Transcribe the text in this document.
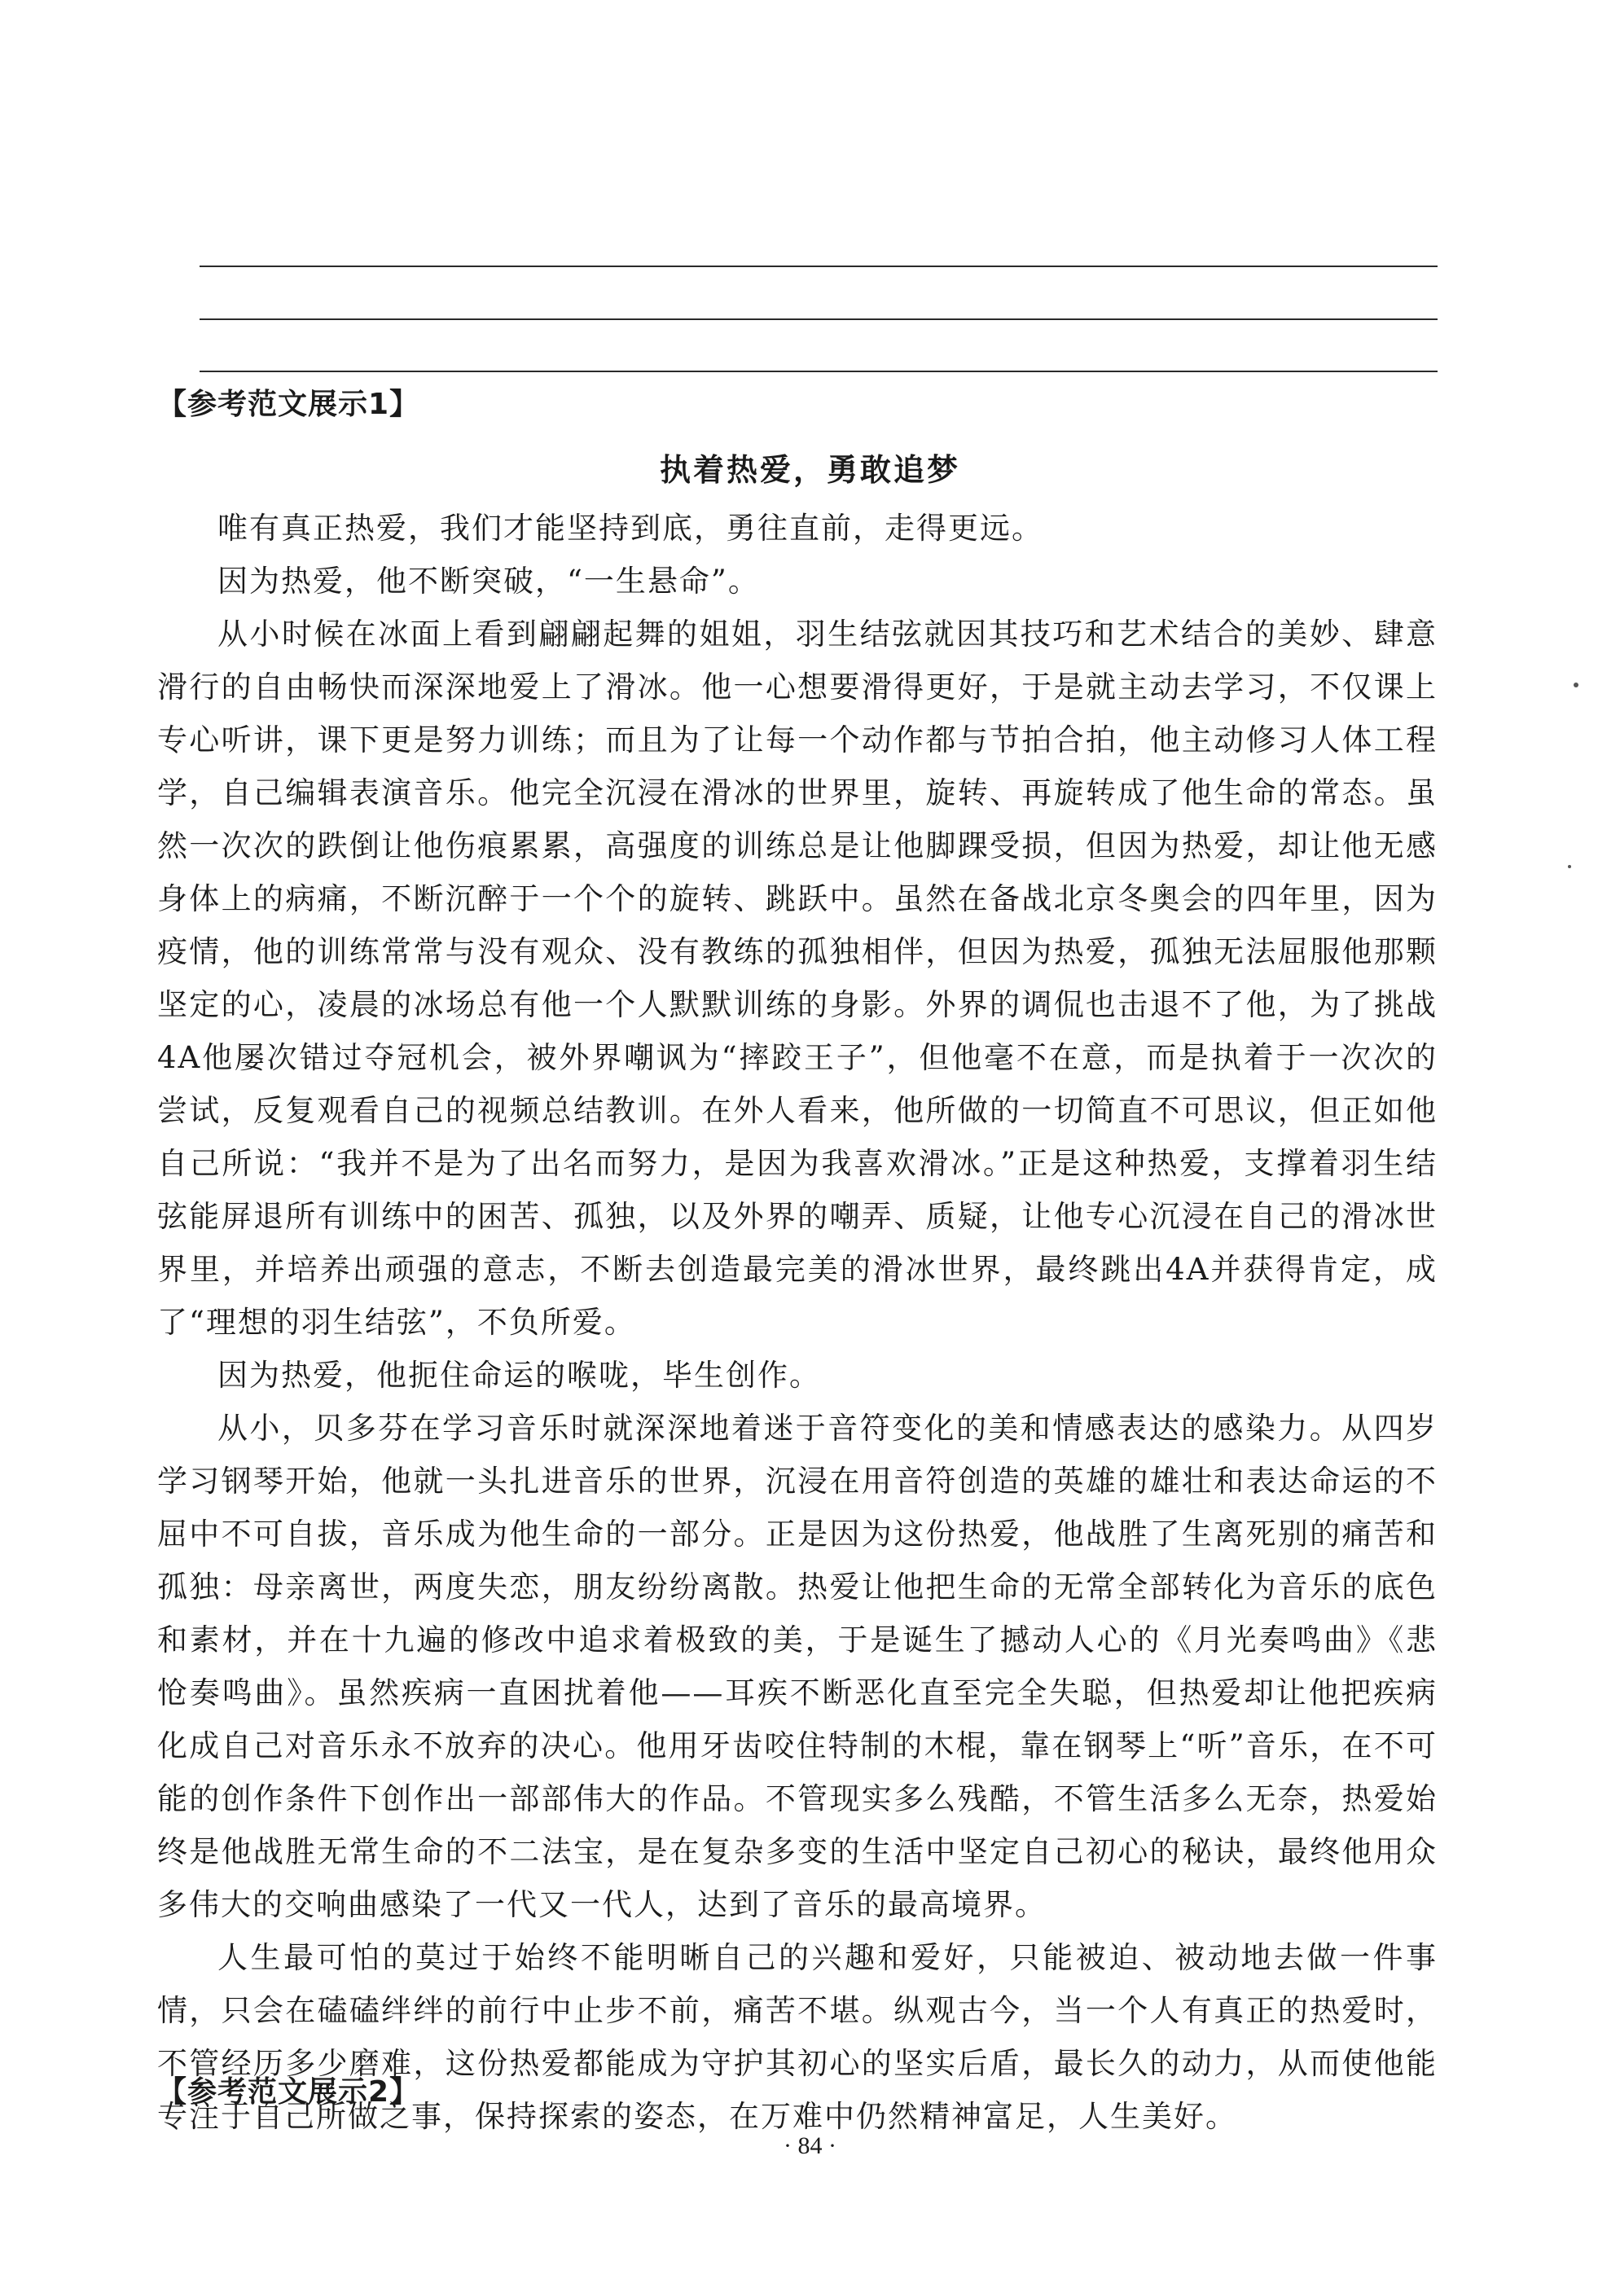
【参考范文展示1】
执着热爱，勇敢追梦

唯有真正热爱，我们才能坚持到底，勇往直前，走得更远。

因为热爱，他不断突破，“一生悬命”。

从小时候在冰面上看到翩翩起舞的姐姐，羽生结弦就因其技巧和艺术结合的美妙、肆意滑行的自由畅快而深深地爱上了滑冰。他一心想要滑得更好，于是就主动去学习，不仅课上专心听讲，课下更是努力训练；而且为了让每一个动作都与节拍合拍，他主动修习人体工程学，自己编辑表演音乐。他完全沉浸在滑冰的世界里，旋转、再旋转成了他生命的常态。虽然一次次的跌倒让他伤痕累累，高强度的训练总是让他脚踝受损，但因为热爱，却让他无感身体上的病痛，不断沉醉于一个个的旋转、跳跃中。虽然在备战北京冬奥会的四年里，因为疫情，他的训练常常与没有观众、没有教练的孤独相伴，但因为热爱，孤独无法屈服他那颗坚定的心，凌晨的冰场总有他一个人默默训练的身影。外界的调侃也击退不了他，为了挑战4A他屡次错过夺冠机会，被外界嘲讽为“摔跤王子”，但他毫不在意，而是执着于一次次的尝试，反复观看自己的视频总结教训。在外人看来，他所做的一切简直不可思议，但正如他自己所说：“我并不是为了出名而努力，是因为我喜欢滑冰。”正是这种热爱，支撑着羽生结弦能屏退所有训练中的困苦、孤独，以及外界的嘲弄、质疑，让他专心沉浸在自己的滑冰世界里，并培养出顽强的意志，不断去创造最完美的滑冰世界，最终跳出4A并获得肯定，成了“理想的羽生结弦”，不负所爱。

因为热爱，他扼住命运的喉咙，毕生创作。

从小，贝多芬在学习音乐时就深深地着迷于音符变化的美和情感表达的感染力。从四岁学习钢琴开始，他就一头扎进音乐的世界，沉浸在用音符创造的英雄的雄壮和表达命运的不屈中不可自拔，音乐成为他生命的一部分。正是因为这份热爱，他战胜了生离死别的痛苦和孤独：母亲离世，两度失恋，朋友纷纷离散。热爱让他把生命的无常全部转化为音乐的底色和素材，并在十九遍的修改中追求着极致的美，于是诞生了撼动人心的《月光奏鸣曲》《悲怆奏鸣曲》。虽然疾病一直困扰着他——耳疾不断恶化直至完全失聪，但热爱却让他把疾病化成自己对音乐永不放弃的决心。他用牙齿咬住特制的木棍，靠在钢琴上“听”音乐，在不可能的创作条件下创作出一部部伟大的作品。不管现实多么残酷，不管生活多么无奈，热爱始终是他战胜无常生命的不二法宝，是在复杂多变的生活中坚定自己初心的秘诀，最终他用众多伟大的交响曲感染了一代又一代人，达到了音乐的最高境界。

人生最可怕的莫过于始终不能明晰自己的兴趣和爱好，只能被迫、被动地去做一件事情，只会在磕磕绊绊的前行中止步不前，痛苦不堪。纵观古今，当一个人有真正的热爱时，不管经历多少磨难，这份热爱都能成为守护其初心的坚实后盾，最长久的动力，从而使他能专注于自己所做之事，保持探索的姿态，在万难中仍然精神富足，人生美好。

【参考范文展示2】
· 84 ·
